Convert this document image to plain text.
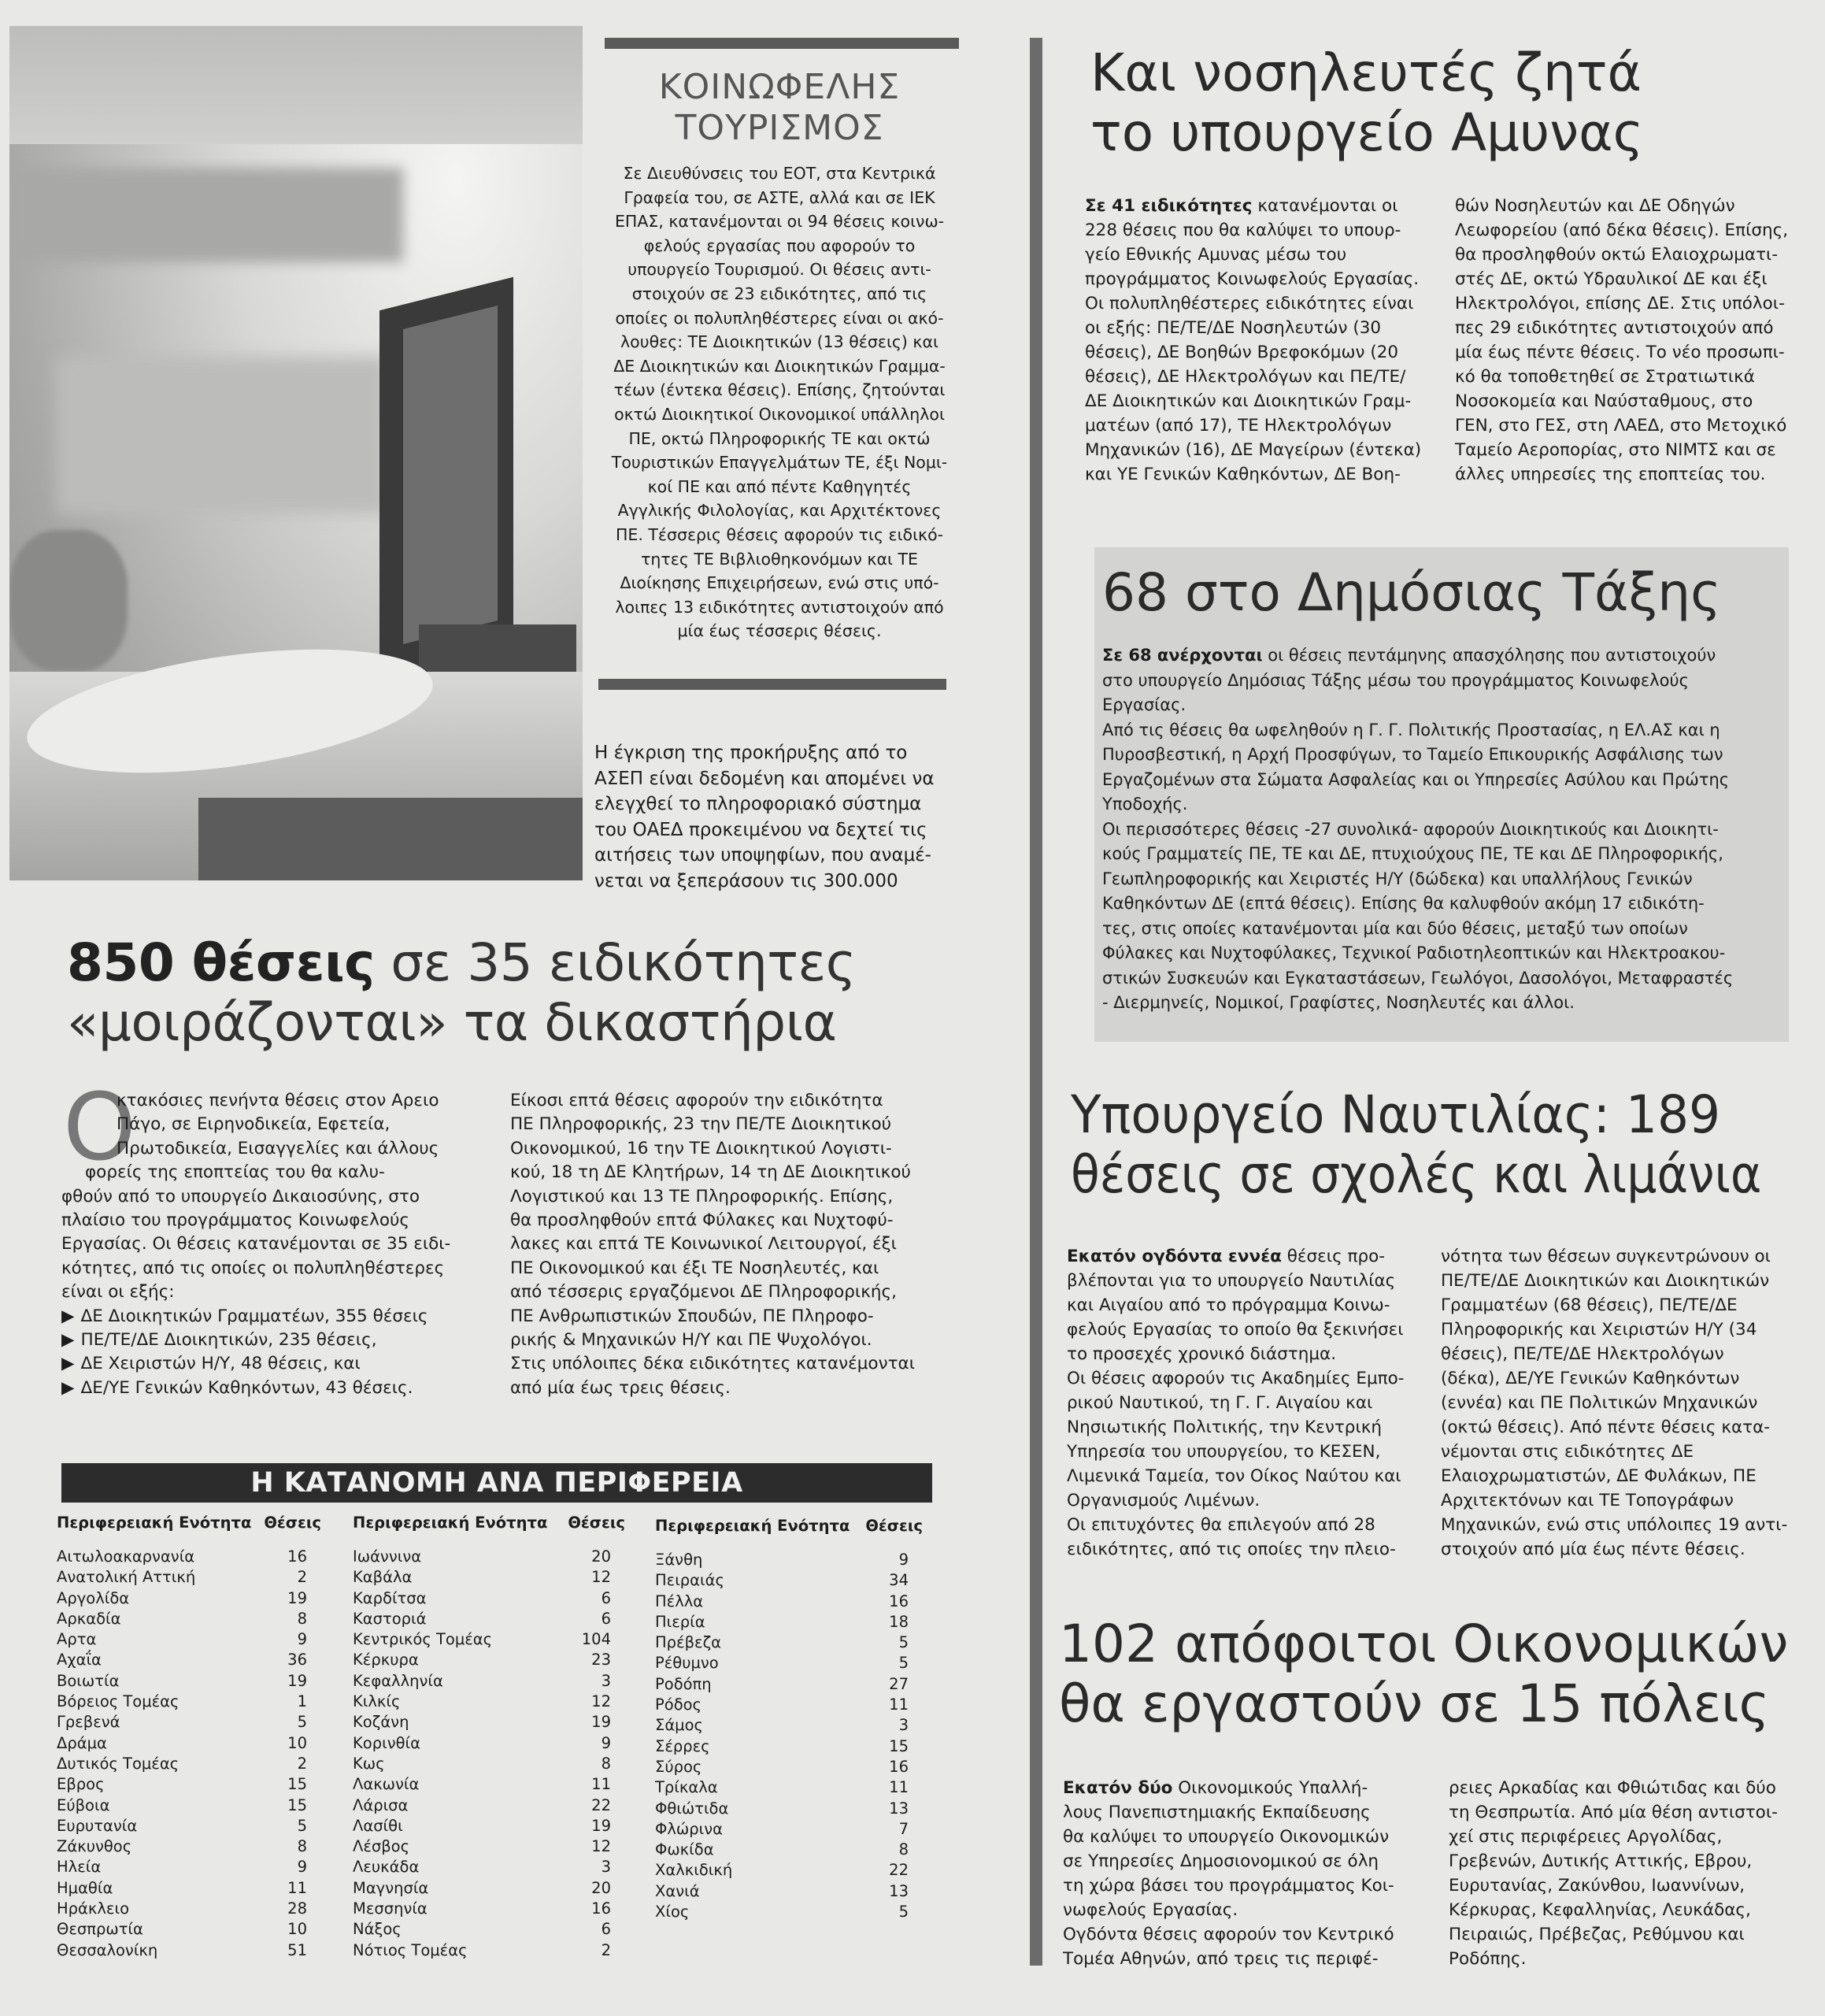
ΚΟΙΝΩΦΕΛΗΣ
ΤΟΥΡΙΣΜΟΣ
Σε Διευθύνσεις του ΕΟΤ, στα Κεντρικά
Γραφεία του, σε ΑΣΤΕ, αλλά και σε ΙΕΚ
ΕΠΑΣ, κατανέμονται οι 94 θέσεις κοινω-
φελούς εργασίας που αφορούν το
υπουργείο Τουρισμού. Οι θέσεις αντι-
στοιχούν σε 23 ειδικότητες, από τις
οποίες οι πολυπληθέστερες είναι οι ακό-
λουθες: ΤΕ Διοικητικών (13 θέσεις) και
ΔΕ Διοικητικών και Διοικητικών Γραμμα-
τέων (έντεκα θέσεις). Επίσης, ζητούνται
οκτώ Διοικητικοί Οικονομικοί υπάλληλοι
ΠΕ, οκτώ Πληροφορικής ΤΕ και οκτώ
Τουριστικών Επαγγελμάτων ΤΕ, έξι Νομι-
κοί ΠΕ και από πέντε Καθηγητές
Αγγλικής Φιλολογίας, και Αρχιτέκτονες
ΠΕ. Τέσσερις θέσεις αφορούν τις ειδικό-
τητες ΤΕ Βιβλιοθηκονόμων και ΤΕ
Διοίκησης Επιχειρήσεων, ενώ στις υπό-
λοιπες 13 ειδικότητες αντιστοιχούν από
μία έως τέσσερις θέσεις.
Η έγκριση της προκήρυξης από το
ΑΣΕΠ είναι δεδομένη και απομένει να
ελεγχθεί το πληροφοριακό σύστημα
του ΟΑΕΔ προκειμένου να δεχτεί τις
αιτήσεις των υποψηφίων, που αναμέ-
νεται να ξεπεράσουν τις 300.000
850 θέσεις σε 35 ειδικότητες
«μοιράζονται» τα δικαστήρια
Ο
κτακόσιες πενήντα θέσεις στον Αρειο
Πάγο, σε Ειρηνοδικεία, Εφετεία,
Πρωτοδικεία, Εισαγγελίες και άλλους
φορείς της εποπτείας του θα καλυ-
φθούν από το υπουργείο Δικαιοσύνης, στο
πλαίσιο του προγράμματος Κοινωφελούς
Εργασίας. Οι θέσεις κατανέμονται σε 35 ειδι-
κότητες, από τις οποίες οι πολυπληθέστερες
είναι οι εξής:
▶ ΔΕ Διοικητικών Γραμματέων, 355 θέσεις
▶ ΠΕ/ΤΕ/ΔΕ Διοικητικών, 235 θέσεις,
▶ ΔΕ Χειριστών Η/Υ, 48 θέσεις, και
▶ ΔΕ/ΥΕ Γενικών Καθηκόντων, 43 θέσεις.
Είκοσι επτά θέσεις αφορούν την ειδικότητα
ΠΕ Πληροφορικής, 23 την ΠΕ/ΤΕ Διοικητικού
Οικονομικού, 16 την ΤΕ Διοικητικού Λογιστι-
κού, 18 τη ΔΕ Κλητήρων, 14 τη ΔΕ Διοικητικού
Λογιστικού και 13 ΤΕ Πληροφορικής. Επίσης,
θα προσληφθούν επτά Φύλακες και Νυχτοφύ-
λακες και επτά ΤΕ Κοινωνικοί Λειτουργοί, έξι
ΠΕ Οικονομικού και έξι ΤΕ Νοσηλευτές, και
από τέσσερις εργαζόμενοι ΔΕ Πληροφορικής,
ΠΕ Ανθρωπιστικών Σπουδών, ΠΕ Πληροφο-
ρικής & Μηχανικών Η/Υ και ΠΕ Ψυχολόγοι.
Στις υπόλοιπες δέκα ειδικότητες κατανέμονται
από μία έως τρεις θέσεις.
Η ΚΑΤΑΝΟΜΗ ΑΝΑ ΠΕΡΙΦΕΡΕΙΑ
Περιφερειακή Ενότητα Θέσεις
Αιτωλοακαρνανία	16
Ανατολική Αττική	2
Αργολίδα	19
Αρκαδία	8
Αρτα	9
Αχαΐα	36
Βοιωτία	19
Βόρειος Τομέας	1
Γρεβενά	5
Δράμα	10
Δυτικός Τομέας	2
Εβρος	15
Εύβοια	15
Ευρυτανία	5
Ζάκυνθος	8
Ηλεία	9
Ημαθία	11
Ηράκλειο	28
Θεσπρωτία	10
Θεσσαλονίκη	51
Περιφερειακή Ενότητα Θέσεις
Ιωάννινα	20
Καβάλα	12
Καρδίτσα	6
Καστοριά	6
Κεντρικός Τομέας	104
Κέρκυρα	23
Κεφαλληνία	3
Κιλκίς	12
Κοζάνη	19
Κορινθία	9
Κως	8
Λακωνία	11
Λάρισα	22
Λασίθι	19
Λέσβος	12
Λευκάδα	3
Μαγνησία	20
Μεσσηνία	16
Νάξος	6
Νότιος Τομέας	2
Περιφερειακή Ενότητα Θέσεις
Ξάνθη	9
Πειραιάς	34
Πέλλα	16
Πιερία	18
Πρέβεζα	5
Ρέθυμνο	5
Ροδόπη	27
Ρόδος	11
Σάμος	3
Σέρρες	15
Σύρος	16
Τρίκαλα	11
Φθιώτιδα	13
Φλώρινα	7
Φωκίδα	8
Χαλκιδική	22
Χανιά	13
Χίος	5
Και νοσηλευτές ζητά
το υπουργείο Αμυνας
Σε 41 ειδικότητες κατανέμονται οι
228 θέσεις που θα καλύψει το υπουρ-
γείο Εθνικής Αμυνας μέσω του
προγράμματος Κοινωφελούς Εργασίας.
Οι πολυπληθέστερες ειδικότητες είναι
οι εξής: ΠΕ/ΤΕ/ΔΕ Νοσηλευτών (30
θέσεις), ΔΕ Βοηθών Βρεφοκόμων (20
θέσεις), ΔΕ Ηλεκτρολόγων και ΠΕ/ΤΕ/
ΔΕ Διοικητικών και Διοικητικών Γραμ-
ματέων (από 17), ΤΕ Ηλεκτρολόγων
Μηχανικών (16), ΔΕ Μαγείρων (έντεκα)
και ΥΕ Γενικών Καθηκόντων, ΔΕ Βοη-
θών Νοσηλευτών και ΔΕ Οδηγών
Λεωφορείου (από δέκα θέσεις). Επίσης,
θα προσληφθούν οκτώ Ελαιοχρωματι-
στές ΔΕ, οκτώ Υδραυλικοί ΔΕ και έξι
Ηλεκτρολόγοι, επίσης ΔΕ. Στις υπόλοι-
πες 29 ειδικότητες αντιστοιχούν από
μία έως πέντε θέσεις. Το νέο προσωπι-
κό θα τοποθετηθεί σε Στρατιωτικά
Νοσοκομεία και Ναύσταθμους, στο
ΓΕΝ, στο ΓΕΣ, στη ΛΑΕΔ, στο Μετοχικό
Ταμείο Αεροπορίας, στο ΝΙΜΤΣ και σε
άλλες υπηρεσίες της εποπτείας του.
68 στο Δημόσιας Τάξης
Σε 68 ανέρχονται οι θέσεις πεντάμηνης απασχόλησης που αντιστοιχούν
στο υπουργείο Δημόσιας Τάξης μέσω του προγράμματος Κοινωφελούς
Εργασίας.
Από τις θέσεις θα ωφεληθούν η Γ. Γ. Πολιτικής Προστασίας, η ΕΛ.ΑΣ και η
Πυροσβεστική, η Αρχή Προσφύγων, το Ταμείο Επικουρικής Ασφάλισης των
Εργαζομένων στα Σώματα Ασφαλείας και οι Υπηρεσίες Ασύλου και Πρώτης
Υποδοχής.
Οι περισσότερες θέσεις -27 συνολικά- αφορούν Διοικητικούς και Διοικητι-
κούς Γραμματείς ΠΕ, ΤΕ και ΔΕ, πτυχιούχους ΠΕ, ΤΕ και ΔΕ Πληροφορικής,
Γεωπληροφορικής και Χειριστές Η/Υ (δώδεκα) και υπαλλήλους Γενικών
Καθηκόντων ΔΕ (επτά θέσεις). Επίσης θα καλυφθούν ακόμη 17 ειδικότη-
τες, στις οποίες κατανέμονται μία και δύο θέσεις, μεταξύ των οποίων
Φύλακες και Νυχτοφύλακες, Τεχνικοί Ραδιοτηλεοπτικών και Ηλεκτροακου-
στικών Συσκευών και Εγκαταστάσεων, Γεωλόγοι, Δασολόγοι, Μεταφραστές
- Διερμηνείς, Νομικοί, Γραφίστες, Νοσηλευτές και άλλοι.
Υπουργείο Ναυτιλίας: 189
θέσεις σε σχολές και λιμάνια
Εκατόν ογδόντα εννέα θέσεις προ-
βλέπονται για το υπουργείο Ναυτιλίας
και Αιγαίου από το πρόγραμμα Κοινω-
φελούς Εργασίας το οποίο θα ξεκινήσει
το προσεχές χρονικό διάστημα.
Οι θέσεις αφορούν τις Ακαδημίες Εμπο-
ρικού Ναυτικού, τη Γ. Γ. Αιγαίου και
Νησιωτικής Πολιτικής, την Κεντρική
Υπηρεσία του υπουργείου, το ΚΕΣΕΝ,
Λιμενικά Ταμεία, τον Οίκος Ναύτου και
Οργανισμούς Λιμένων.
Οι επιτυχόντες θα επιλεγούν από 28
ειδικότητες, από τις οποίες την πλειο-
νότητα των θέσεων συγκεντρώνουν οι
ΠΕ/ΤΕ/ΔΕ Διοικητικών και Διοικητικών
Γραμματέων (68 θέσεις), ΠΕ/ΤΕ/ΔΕ
Πληροφορικής και Χειριστών Η/Υ (34
θέσεις), ΠΕ/ΤΕ/ΔΕ Ηλεκτρολόγων
(δέκα), ΔΕ/ΥΕ Γενικών Καθηκόντων
(εννέα) και ΠΕ Πολιτικών Μηχανικών
(οκτώ θέσεις). Από πέντε θέσεις κατα-
νέμονται στις ειδικότητες ΔΕ
Ελαιοχρωματιστών, ΔΕ Φυλάκων, ΠΕ
Αρχιτεκτόνων και ΤΕ Τοπογράφων
Μηχανικών, ενώ στις υπόλοιπες 19 αντι-
στοιχούν από μία έως πέντε θέσεις.
102 απόφοιτοι Οικονομικών
θα εργαστούν σε 15 πόλεις
Εκατόν δύο Οικονομικούς Υπαλλή-
λους Πανεπιστημιακής Εκπαίδευσης
θα καλύψει το υπουργείο Οικονομικών
σε Υπηρεσίες Δημοσιονομικού σε όλη
τη χώρα βάσει του προγράμματος Κοι-
νωφελούς Εργασίας.
Ογδόντα θέσεις αφορούν τον Κεντρικό
Τομέα Αθηνών, από τρεις τις περιφέ-
ρειες Αρκαδίας και Φθιώτιδας και δύο
τη Θεσπρωτία. Από μία θέση αντιστοι-
χεί στις περιφέρειες Αργολίδας,
Γρεβενών, Δυτικής Αττικής, Εβρου,
Ευρυτανίας, Ζακύνθου, Ιωαννίνων,
Κέρκυρας, Κεφαλληνίας, Λευκάδας,
Πειραιώς, Πρέβεζας, Ρεθύμνου και
Ροδόπης.
